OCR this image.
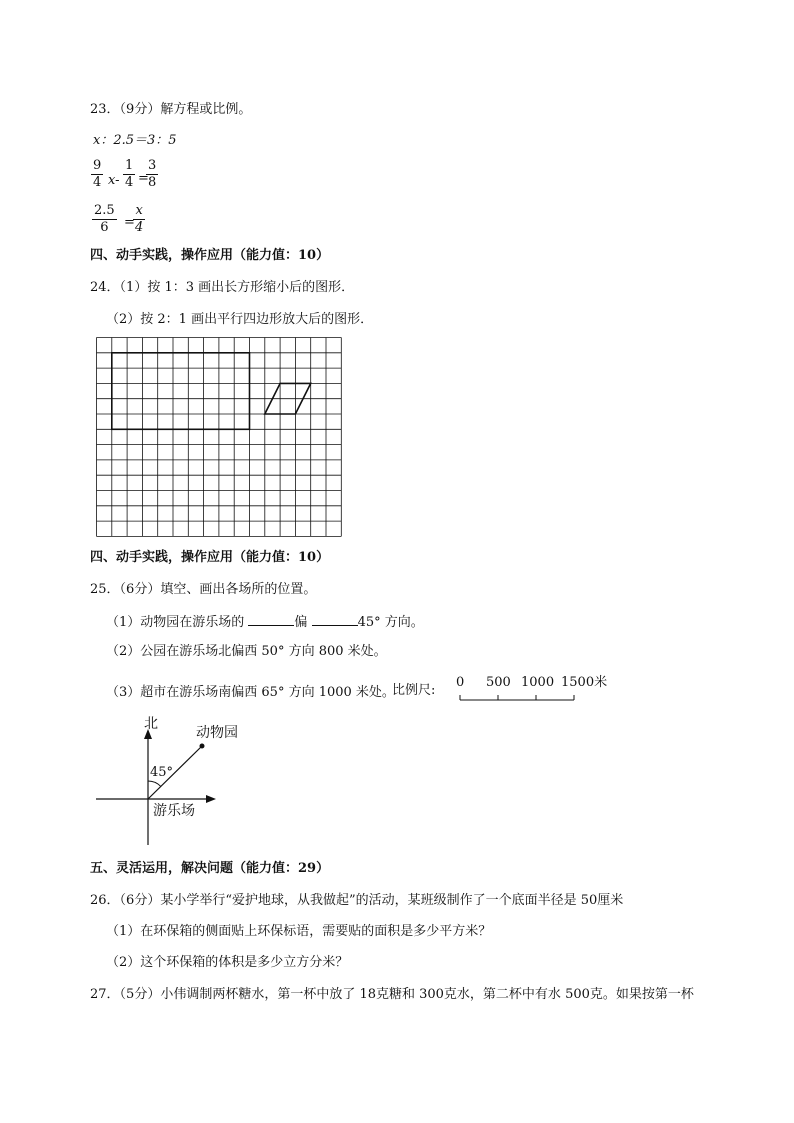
23．（9分）解方程或比例。
x：2.5＝3：5
9
4 x-
1
4 =
3
8
2.5
6	=
x
4
四、动手实践，操作应用（能力值：10）
24．（1）按 1：3 画出长方形缩小后的图形．
（2）按 2：1 画出平行四边形放大后的图形．
四、动手实践，操作应用（能力值：10）
25．（6分）填空、画出各场所的位置。
（1）动物园在游乐场的	偏	45° 方向。
（2）公园在游乐场北偏西 50° 方向 800 米处。
（3）超市在游乐场南偏西 65° 方向 1000 米处。
比例尺:
0 500 1000 1500米
北
动物园
45°
游乐场
五、灵活运用，解决问题（能力值：29）
26．（6分）某小学举行“爱护地球，从我做起”的活动，某班级制作了一个底面半径是 50厘米
（1）在环保箱的侧面贴上环保标语，需要贴的面积是多少平方米？
（2）这个环保箱的体积是多少立方分米？
27．（5分）小伟调制两杯糖水，第一杯中放了 18克糖和 300克水，第二杯中有水 500克。如果按第一杯
